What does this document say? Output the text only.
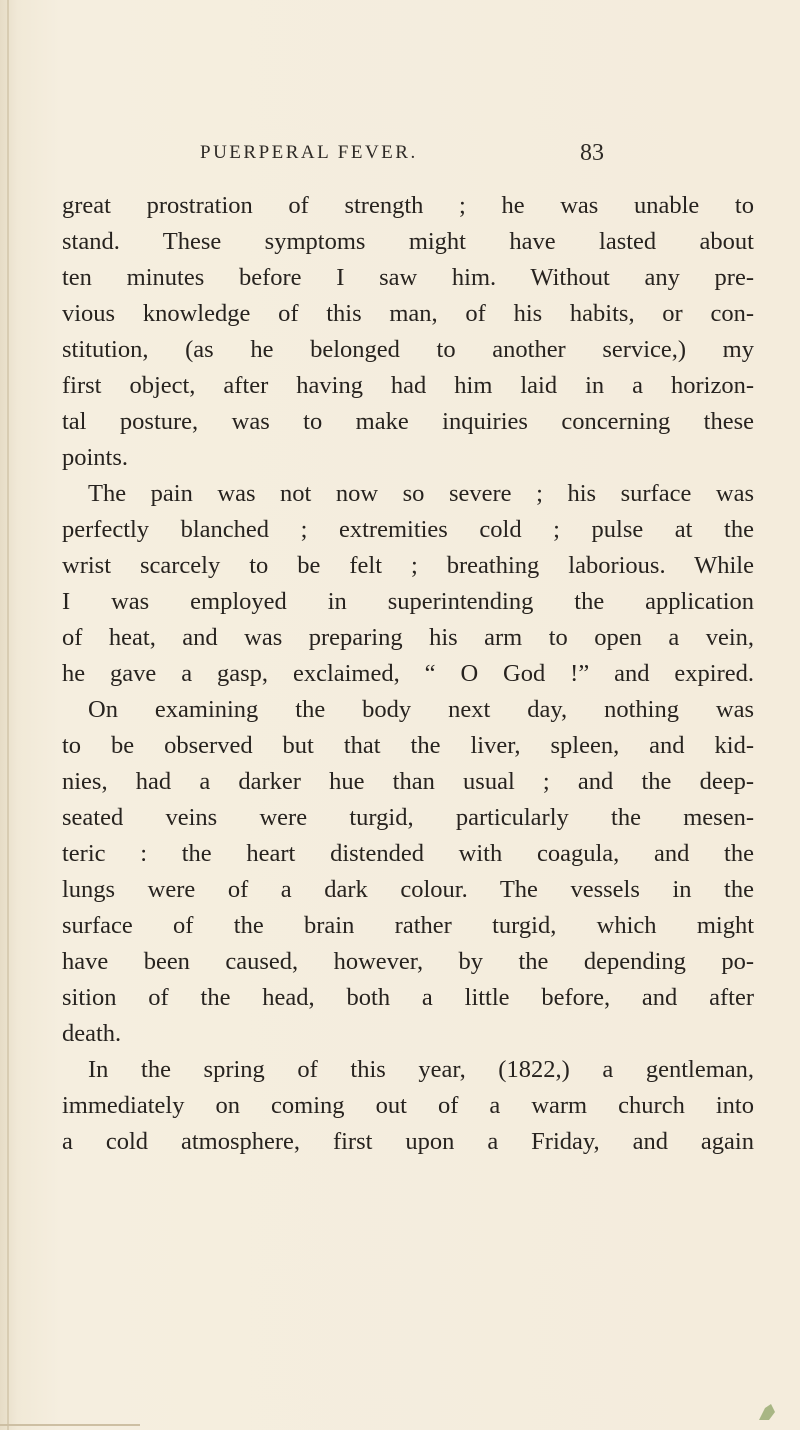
PUERPERAL FEVER.	83
great prostration of strength ; he was unable to
stand. These symptoms might have lasted about
ten minutes before I saw him. Without any pre-
vious knowledge of this man, of his habits, or con-
stitution, (as he belonged to another service,) my
first object, after having had him laid in a horizon-
tal posture, was to make inquiries concerning these
points.
The pain was not now so severe ; his surface was
perfectly blanched ; extremities cold ; pulse at the
wrist scarcely to be felt ; breathing laborious. While
I was employed in superintending the application
of heat, and was preparing his arm to open a vein,
he gave a gasp, exclaimed, “ O God !” and expired.
On examining the body next day, nothing was
to be observed but that the liver, spleen, and kid-
nies, had a darker hue than usual ; and the deep-
seated veins were turgid, particularly the mesen-
teric : the heart distended with coagula, and the
lungs were of a dark colour. The vessels in the
surface of the brain rather turgid, which might
have been caused, however, by the depending po-
sition of the head, both a little before, and after
death.
In the spring of this year, (1822,) a gentleman,
immediately on coming out of a warm church into
a cold atmosphere, first upon a Friday, and again
